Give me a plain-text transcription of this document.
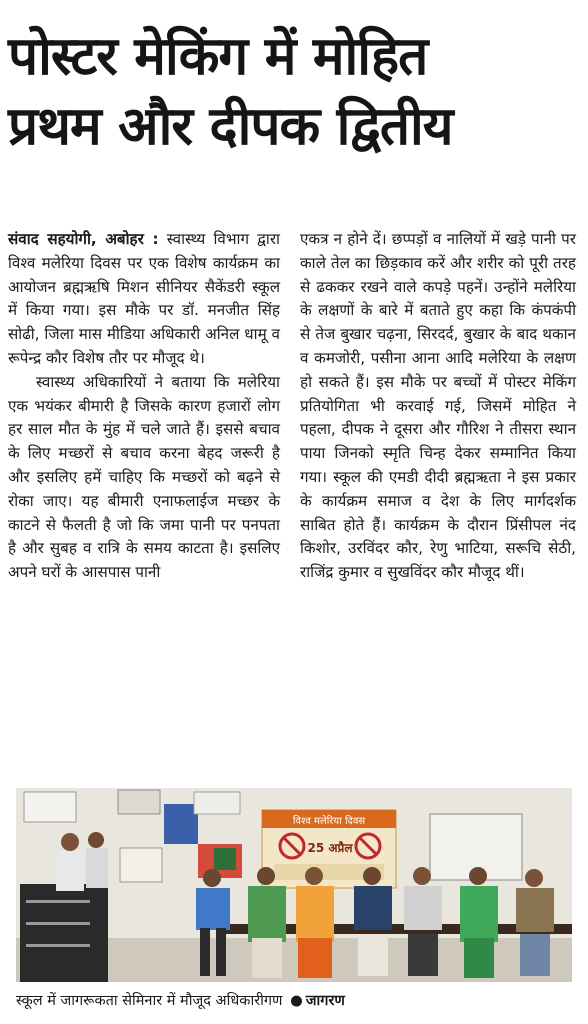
पोस्टर मेकिंग में मोहित
प्रथम और दीपक द्वितीय

संवाद सहयोगी, अबोहर : स्वास्थ्य विभाग द्वारा विश्व मलेरिया दिवस पर एक विशेष कार्यक्रम का आयोजन ब्रह्मऋषि मिशन सीनियर सैकेंडरी स्कूल में किया गया। इस मौके पर डॉ. मनजीत सिंह सोढी, जिला मास मीडिया अधिकारी अनिल धामू व रूपेन्द्र कौर विशेष तौर पर मौजूद थे।

स्वास्थ्य अधिकारियों ने बताया कि मलेरिया एक भयंकर बीमारी है जिसके कारण हजारों लोग हर साल मौत के मुंह में चले जाते हैं। इससे बचाव के लिए मच्छरों से बचाव करना बेहद जरूरी है और इसलिए हमें चाहिए कि मच्छरों को बढ़ने से रोका जाए। यह बीमारी एनाफलाईज मच्छर के काटने से फैलती है जो कि जमा पानी पर पनपता है और सुबह व रात्रि के समय काटता है। इसलिए अपने घरों के आसपास पानी

एकत्र न होने दें। छप्पड़ों व नालियों में खड़े पानी पर काले तेल का छिड़काव करें और शरीर को पूरी तरह से ढककर रखने वाले कपड़े पहनें। उन्होंने मलेरिया के लक्षणों के बारे में बताते हुए कहा कि कंपकंपी से तेज बुखार चढ़ना, सिरदर्द, बुखार के बाद थकान व कमजोरी, पसीना आना आदि मलेरिया के लक्षण हो सकते हैं। इस मौके पर बच्चों में पोस्टर मेकिंग प्रतियोगिता भी करवाई गई, जिसमें मोहित ने पहला, दीपक ने दूसरा और गौरिश ने तीसरा स्थान पाया जिनको स्मृति चिन्ह देकर सम्मानित किया गया। स्कूल की एमडी दीदी ब्रह्मऋता ने इस प्रकार के कार्यक्रम समाज व देश के लिए मार्गदर्शक साबित होते हैं। कार्यक्रम के दौरान प्रिंसीपल नंद किशोर, उरविंदर कौर, रेणु भाटिया, सरूचि सेठी, राजिंद्र कुमार व सुखविंदर कौर मौजूद थीं।

विश्व मलेरिया दिवस
25 अप्रैल
स्कूल में जागरूकता सेमिनार में मौजूद अधिकारीगण ● जागरण
